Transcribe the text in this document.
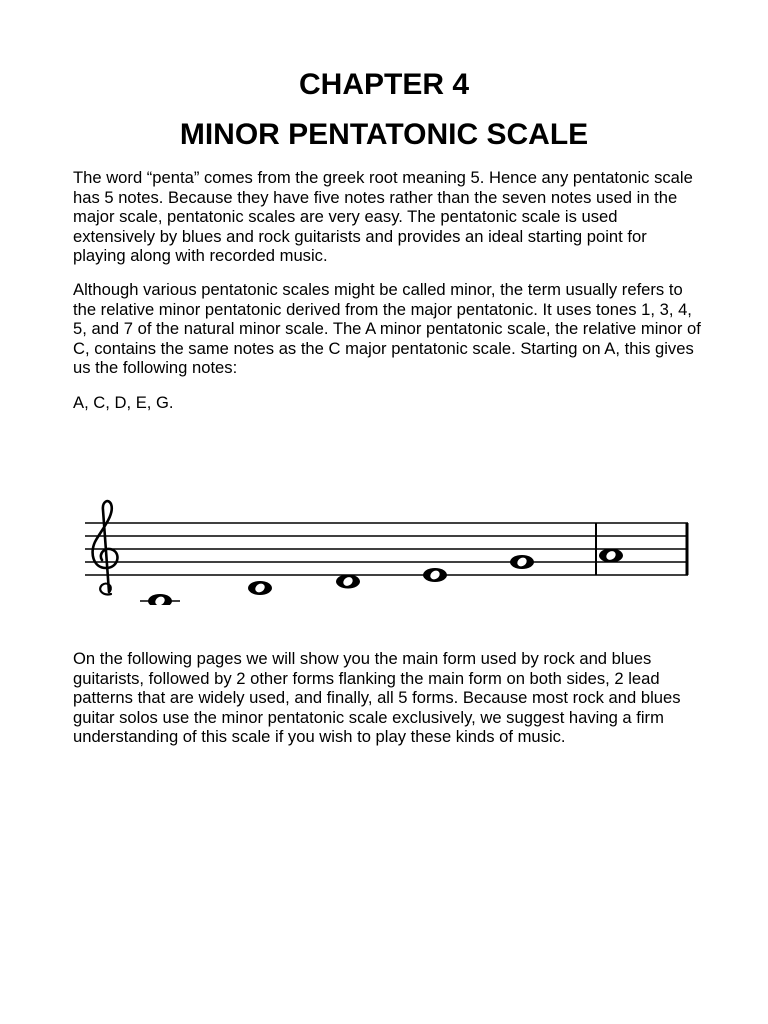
CHAPTER 4
MINOR PENTATONIC SCALE

The word “penta” comes from the greek root meaning 5. Hence any pentatonic scale has 5 notes. Because they have five notes rather than the seven notes used in the major scale, pentatonic scales are very easy. The pentatonic scale is used extensively by blues and rock guitarists and provides an ideal starting point for playing along with recorded music.

Although various pentatonic scales might be called minor, the term usually refers to the relative minor pentatonic derived from the major pentatonic. It uses tones 1, 3, 4, 5, and 7 of the natural minor scale. The A minor pentatonic scale, the relative minor of C, contains the same notes as the C major pentatonic scale. Starting on A, this gives us the following notes:

A, C, D, E, G.

On the following pages we will show you the main form used by rock and blues guitarists, followed by 2 other forms flanking the main form on both sides, 2 lead patterns that are widely used, and finally, all 5 forms. Because most rock and blues guitar solos use the minor pentatonic scale exclusively, we suggest having a firm understanding of this scale if you wish to play these kinds of music.
